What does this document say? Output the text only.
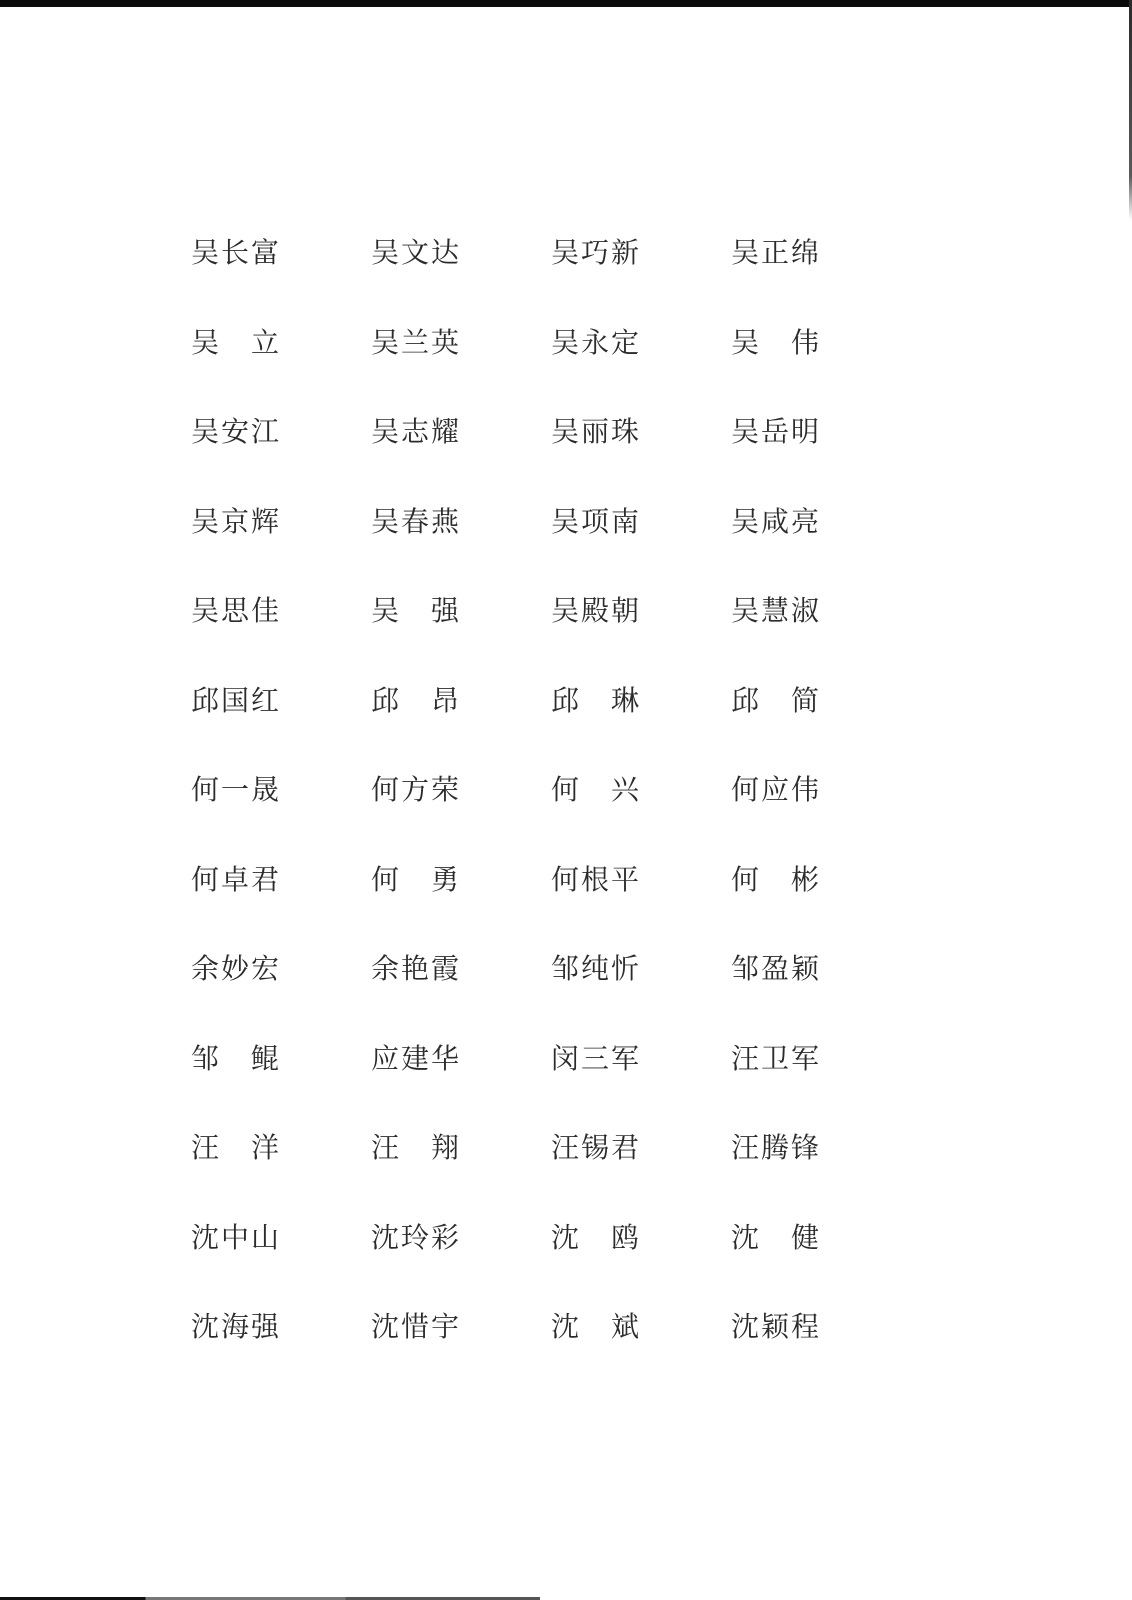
吴长富	吴文达	吴巧新	吴正绵
吴　立	吴兰英	吴永定	吴　伟
吴安江	吴志耀	吴丽珠	吴岳明
吴京辉	吴春燕	吴项南	吴咸亮
吴思佳	吴　强	吴殿朝	吴慧淑
邱国红	邱　昂	邱　琳	邱　简
何一晟	何方荣	何　兴	何应伟
何卓君	何　勇	何根平	何　彬
余妙宏	余艳霞	邹纯忻	邹盈颖
邹　鲲	应建华	闵三军	汪卫军
汪　洋	汪　翔	汪锡君	汪腾锋
沈中山	沈玲彩	沈　鸥	沈　健
沈海强	沈惜宇	沈　斌	沈颖程
